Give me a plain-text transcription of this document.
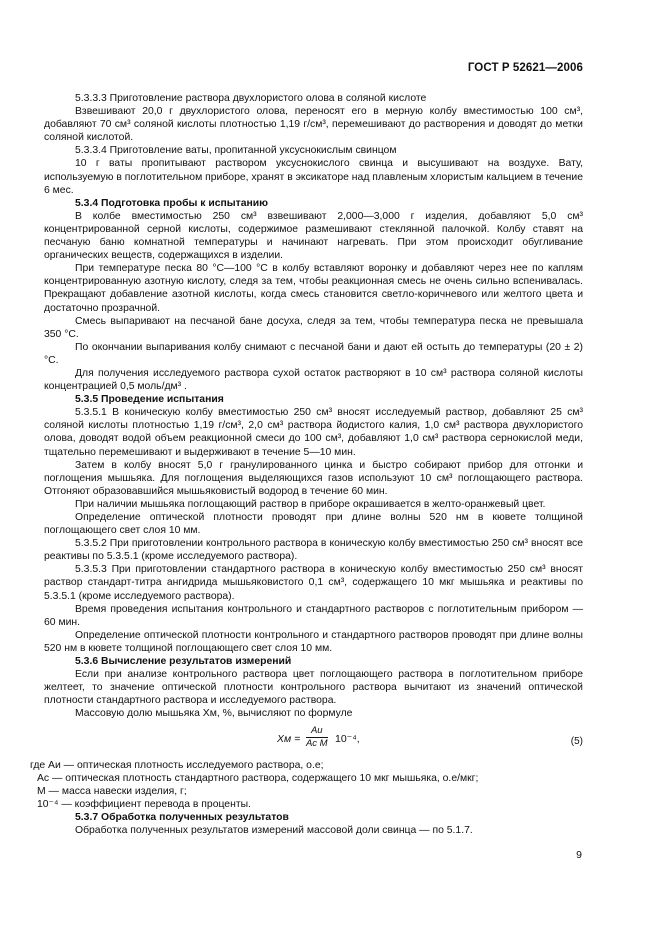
ГОСТ Р 52621—2006

5.3.3.3 Приготовление раствора двухлористого олова в соляной кислоте

Взвешивают 20,0 г двухлористого олова, переносят его в мерную колбу вместимостью 100 см³, добавляют 70 см³ соляной кислоты плотностью 1,19 г/см³, перемешивают до растворения и доводят до метки соляной кислотой.

5.3.3.4 Приготовление ваты, пропитанной уксуснокислым свинцом

10 г ваты пропитывают раствором уксуснокислого свинца и высушивают на воздухе. Вату, используемую в поглотительном приборе, хранят в эксикаторе над плавленым хлористым кальцием в течение 6 мес.

5.3.4 Подготовка пробы к испытанию

В колбе вместимостью 250 см³ взвешивают 2,000—3,000 г изделия, добавляют 5,0 см³ концентрированной серной кислоты, содержимое размешивают стеклянной палочкой. Колбу ставят на песчаную баню комнатной температуры и начинают нагревать. При этом происходит обугливание органических веществ, содержащихся в изделии.

При температуре песка 80 °С—100 °С в колбу вставляют воронку и добавляют через нее по каплям концентрированную азотную кислоту, следя за тем, чтобы реакционная смесь не очень сильно вспенивалась. Прекращают добавление азотной кислоты, когда смесь становится светло-коричневого или желтого цвета и достаточно прозрачной.

Смесь выпаривают на песчаной бане досуха, следя за тем, чтобы температура песка не превышала 350 °С.

По окончании выпаривания колбу снимают с песчаной бани и дают ей остыть до температуры (20 ± 2) °С.

Для получения исследуемого раствора сухой остаток растворяют в 10 см³ раствора соляной кислоты концентрацией 0,5 моль/дм³ .

5.3.5 Проведение испытания

5.3.5.1 В коническую колбу вместимостью 250 см³ вносят исследуемый раствор, добавляют 25 см³ соляной кислоты плотностью 1,19 г/см³, 2,0 см³ раствора йодистого калия, 1,0 см³ раствора двухлористого олова, доводят водой объем реакционной смеси до 100 см³, добавляют 1,0 см³ раствора сернокислой меди, тщательно перемешивают и выдерживают в течение 5—10 мин.

Затем в колбу вносят 5,0 г гранулированного цинка и быстро собирают прибор для отгонки и поглощения мышьяка. Для поглощения выделяющихся газов используют 10 см³ поглощающего раствора. Отгоняют образовавшийся мышьяковистый водород в течение 60 мин.

При наличии мышьяка поглощающий раствор в приборе окрашивается в желто-оранжевый цвет.

Определение оптической плотности проводят при длине волны 520 нм в кювете толщиной поглощающего свет слоя 10 мм.

5.3.5.2 При приготовлении контрольного раствора в коническую колбу вместимостью 250 см³ вносят все реактивы по 5.3.5.1 (кроме исследуемого раствора).

5.3.5.3 При приготовлении стандартного раствора в коническую колбу вместимостью 250 см³ вносят раствор стандарт-титра ангидрида мышьяковистого 0,1 см³, содержащего 10 мкг мышьяка и реактивы по 5.3.5.1 (кроме исследуемого раствора).

Время проведения испытания контрольного и стандартного растворов с поглотительным прибором — 60 мин.

Определение оптической плотности контрольного и стандартного растворов проводят при длине волны 520 нм в кювете толщиной поглощающего свет слоя 10 мм.

5.3.6 Вычисление результатов измерений

Если при анализе контрольного раствора цвет поглощающего раствора в поглотительном приборе желтеет, то значение оптической плотности контрольного раствора вычитают из значений оптической плотности стандартного раствора и исследуемого раствора.

Массовую долю мышьяка Хм, %, вычисляют по формуле

Хм =
Аи
Ас М 10⁻⁴,	(5)

где Аи — оптическая плотность исследуемого раствора, о.е;

Ас — оптическая плотность стандартного раствора, содержащего 10 мкг мышьяка, о.е/мкг;

М — масса навески изделия, г;

10⁻⁴ — коэффициент перевода в проценты.

5.3.7 Обработка полученных результатов

Обработка полученных результатов измерений массовой доли свинца — по 5.1.7.

9
